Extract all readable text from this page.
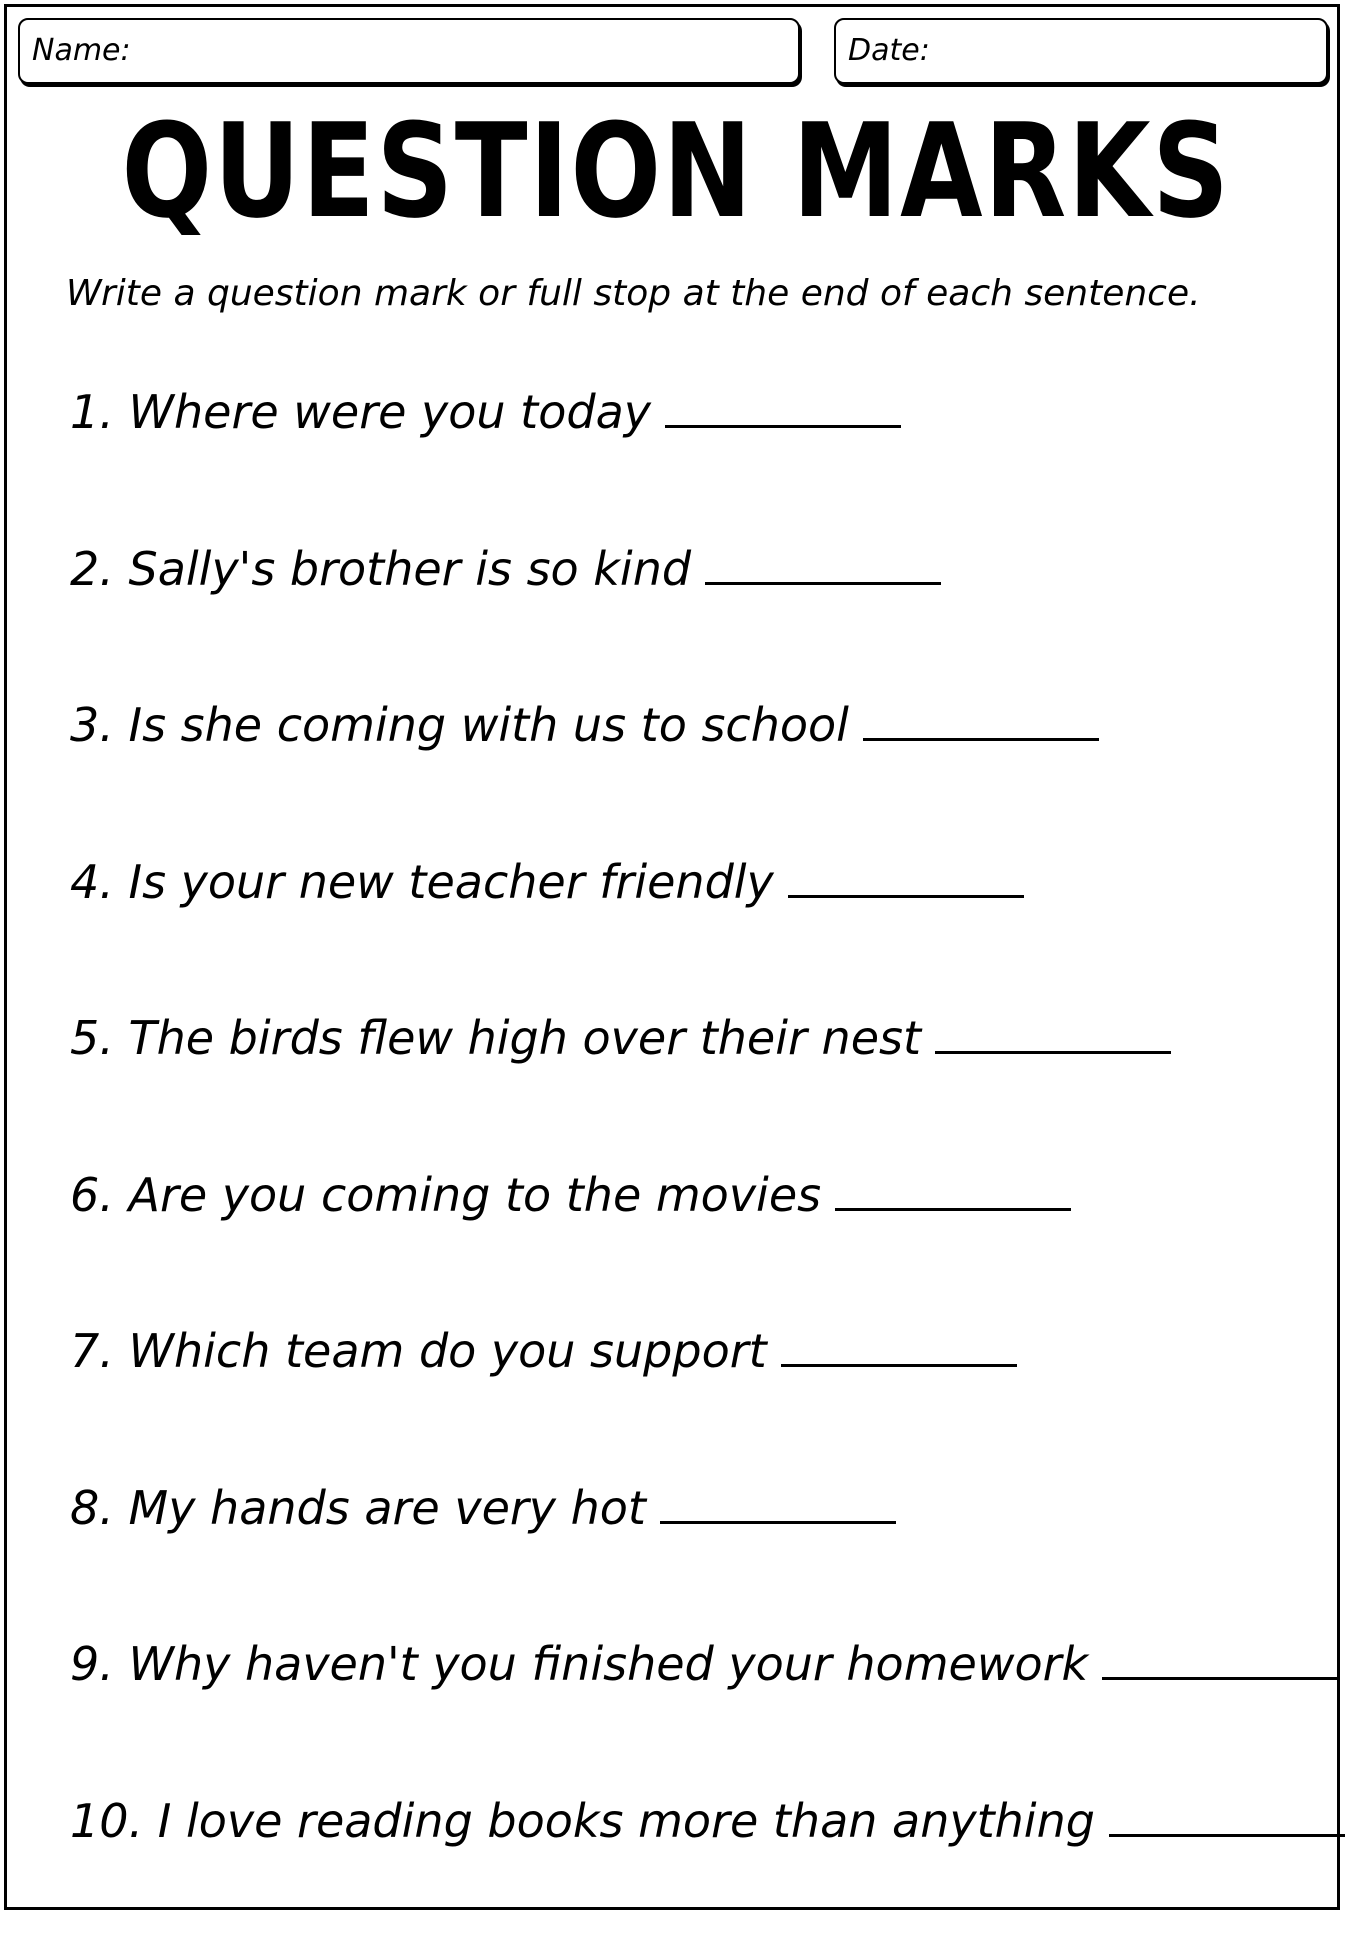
Name:	Date:
QUESTION MARKS
Write a question mark or full stop at the end of each sentence.
1. Where were you today
2. Sally's brother is so kind
3. Is she coming with us to school
4. Is your new teacher friendly
5. The birds flew high over their nest
6. Are you coming to the movies
7. Which team do you support
8. My hands are very hot
9. Why haven't you finished your homework
10. I love reading books more than anything
